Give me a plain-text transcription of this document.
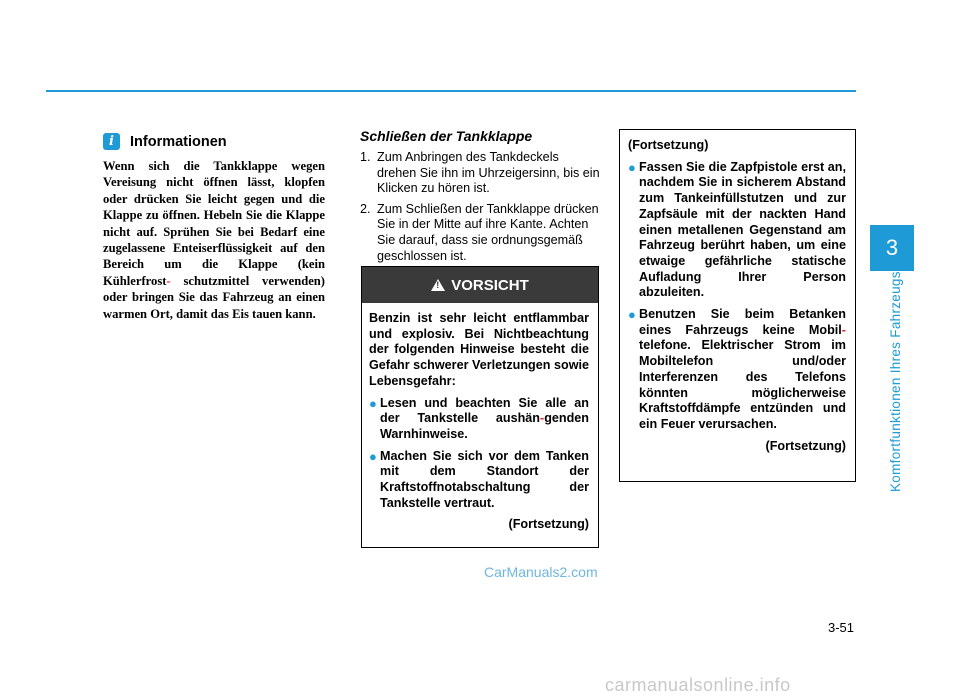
3
Komfortfunktionen Ihres Fahrzeugs
i	Informationen

Wenn sich die Tankklappe wegen Vereisung nicht öffnen lässt, klopfen oder drücken Sie leicht gegen und die Klappe zu öffnen. Hebeln Sie die Klappe nicht auf. Sprühen Sie bei Bedarf eine zugelassene Enteiserflüssigkeit auf den Bereich um die Klappe (kein Kühlerfrost- schutzmittel verwenden) oder bringen Sie das Fahrzeug an einen warmen Ort, damit das Eis tauen kann.

Schließen der Tankklappe
1. Zum Anbringen des Tankdeckels drehen Sie ihn im Uhrzeigersinn, bis ein Klicken zu hören ist.
2. Zum Schließen der Tankklappe drücken Sie in der Mitte auf ihre Kante. Achten Sie darauf, dass sie ordnungsgemäß geschlossen ist.
!
VORSICHT

Benzin ist sehr leicht entflammbar und explosiv. Bei Nichtbeachtung der folgenden Hinweise besteht die Gefahr schwerer Verletzungen sowie Lebensgefahr:

● Lesen und beachten Sie alle an der Tankstelle aushän-genden Warnhinweise.
● Machen Sie sich vor dem Tanken mit dem Standort der Kraftstoffnotabschaltung der Tankstelle vertraut.
(Fortsetzung)

(Fortsetzung)

● Fassen Sie die Zapfpistole erst an, nachdem Sie in sicherem Abstand zum Tankeinfüllstutzen und zur Zapfsäule mit der nackten Hand einen metallenen Gegenstand am Fahrzeug berührt haben, um eine etwaige gefährliche statische Aufladung Ihrer Person abzuleiten.
● Benutzen Sie beim Betanken eines Fahrzeugs keine Mobil-telefone. Elektrischer Strom im Mobiltelefon und/oder Interferenzen des Telefons könnten möglicherweise Kraftstoffdämpfe entzünden und ein Feuer verursachen.
(Fortsetzung)
3-51
CarManuals2.com
carmanualsonline.info
